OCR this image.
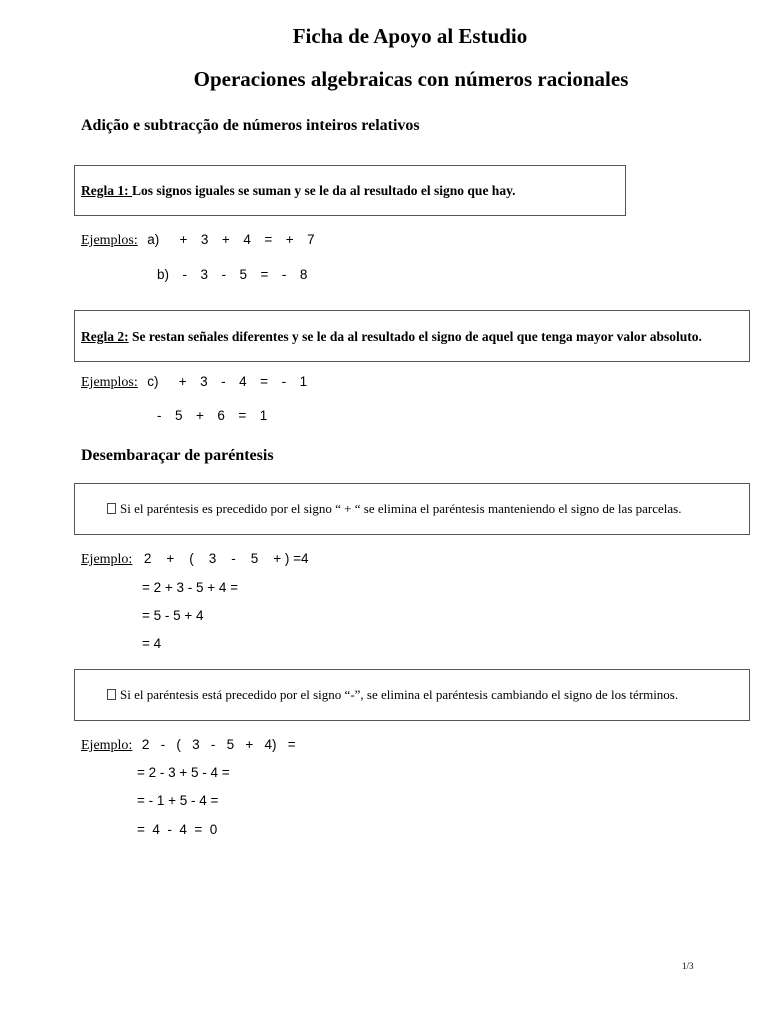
Ficha de Apoyo al Estudio
Operaciones algebraicas con números racionales
Adição e subtracção de números inteiros relativos
Regla 1: Los signos iguales se suman y se le da al resultado el signo que hay.
Ejemplos: a)   +  3  +  4  =  +  7
b)  -  3  -  5  =  -  8
Regla 2: Se restan señales diferentes y se le da al resultado el signo de aquel que tenga mayor valor absoluto.
Ejemplos: c)   +  3  -  4  =  -  1
-  5  +  6  =  1
Desembaraçar de paréntesis
Si el paréntesis es precedido por el signo “ + “ se elimina el paréntesis manteniendo el signo de las parcelas.
Ejemplo: 2    +    (    3    -    5    + ) =4
= 2 + 3 - 5 + 4 =
= 5 - 5 + 4
= 4
Si el paréntesis está precedido por el signo “-”, se elimina el paréntesis cambiando el signo de los términos.
Ejemplo: 2   -   (   3   -   5   +   4)   =
= 2 - 3 + 5 - 4 =
= - 1 + 5 - 4 =
=  4  -  4  =  0
1/3
